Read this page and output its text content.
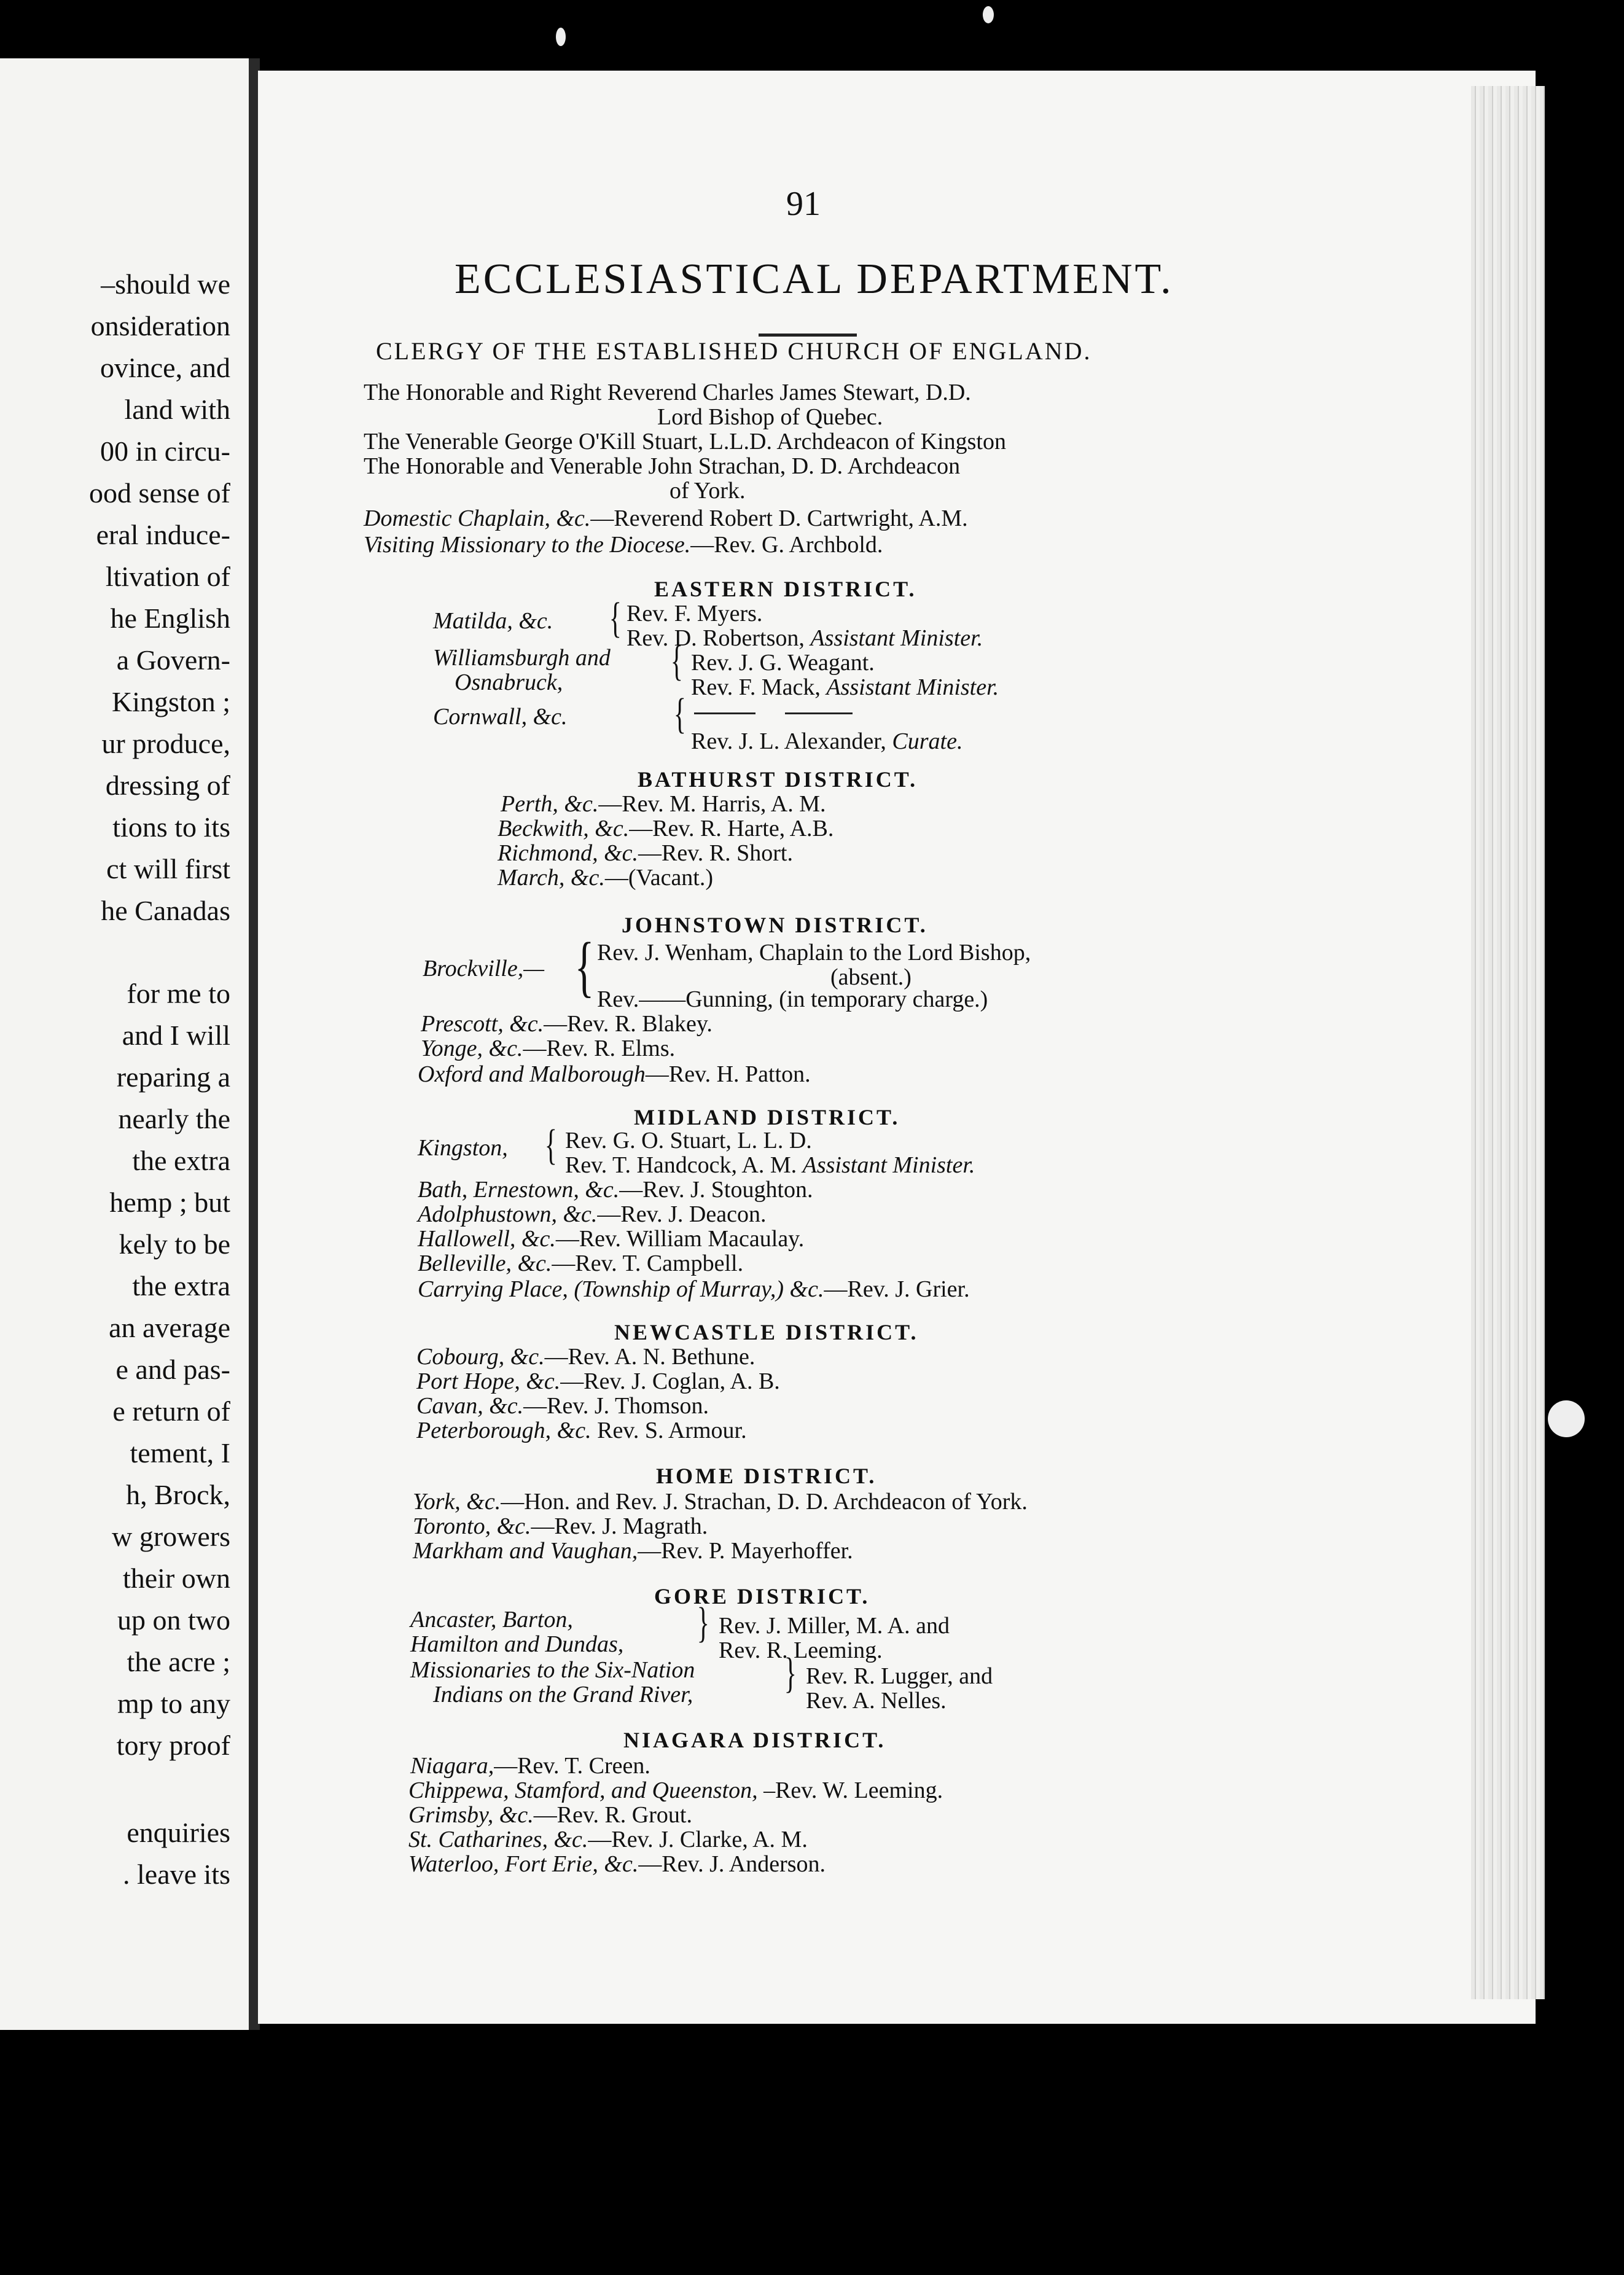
–should we
onsideration
ovince, and
land with
00 in circu-
ood sense of
eral induce-
ltivation of
he English
a Govern-
Kingston ;
ur produce,
dressing of
tions to its
ct will first
he Canadas
for me to
and I will
reparing a
nearly the
the extra
hemp ; but
kely to be
the extra
an average
e and pas-
e return of
tement, I
h, Brock,
w growers
their own
up on two
the acre ;
mp to any
tory proof
enquiries
. leave its
91
ECCLESIASTICAL DEPARTMENT.
CLERGY OF THE ESTABLISHED CHURCH OF ENGLAND.
The Honorable and Right Reverend Charles James Stewart, D.D.
Lord Bishop of Quebec.
The Venerable George O'Kill Stuart, L.L.D. Archdeacon of Kingston
The Honorable and Venerable John Strachan, D. D. Archdeacon
of York.
Domestic Chaplain, &c.—Reverend Robert D. Cartwright, A.M.
Visiting Missionary to the Diocese.—Rev. G. Archbold.
EASTERN DISTRICT.
Matilda, &c. { Rev. F. Myers.
Rev. D. Robertson, Assistant Minister.
Williamsburgh and
Osnabruck,	{ Rev. J. G. Weagant.
Rev. F. Mack, Assistant Minister.
Cornwall, &c. {
Rev. J. L. Alexander, Curate.
BATHURST DISTRICT.
Perth, &c.—Rev. M. Harris, A. M.
Beckwith, &c.—Rev. R. Harte, A.B.
Richmond, &c.—Rev. R. Short.
March, &c.—(Vacant.)
JOHNSTOWN DISTRICT.
Brockville,— { Rev. J. Wenham, Chaplain to the Lord Bishop,
(absent.)
Rev.——Gunning, (in temporary charge.)
Prescott, &c.—Rev. R. Blakey.
Yonge, &c.—Rev. R. Elms.
Oxford and Malborough—Rev. H. Patton.
MIDLAND DISTRICT.
Kingston, { Rev. G. O. Stuart, L. L. D.
Rev. T. Handcock, A. M. Assistant Minister.
Bath, Ernestown, &c.—Rev. J. Stoughton.
Adolphustown, &c.—Rev. J. Deacon.
Hallowell, &c.—Rev. William Macaulay.
Belleville, &c.—Rev. T. Campbell.
Carrying Place, (Township of Murray,) &c.—Rev. J. Grier.
NEWCASTLE DISTRICT.
Cobourg, &c.—Rev. A. N. Bethune.
Port Hope, &c.—Rev. J. Coglan, A. B.
Cavan, &c.—Rev. J. Thomson.
Peterborough, &c. Rev. S. Armour.
HOME DISTRICT.
York, &c.—Hon. and Rev. J. Strachan, D. D. Archdeacon of York.
Toronto, &c.—Rev. J. Magrath.
Markham and Vaughan,—Rev. P. Mayerhoffer.
GORE DISTRICT.
Ancaster, Barton,
Hamilton and Dundas, } Rev. J. Miller, M. A. and
Rev. R. Leeming.
Missionaries to the Six-Nation
Indians on the Grand River, } Rev. R. Lugger, and
Rev. A. Nelles.
NIAGARA DISTRICT.
Niagara,—Rev. T. Creen.
Chippewa, Stamford, and Queenston, –Rev. W. Leeming.
Grimsby, &c.—Rev. R. Grout.
St. Catharines, &c.—Rev. J. Clarke, A. M.
Waterloo, Fort Erie, &c.—Rev. J. Anderson.
